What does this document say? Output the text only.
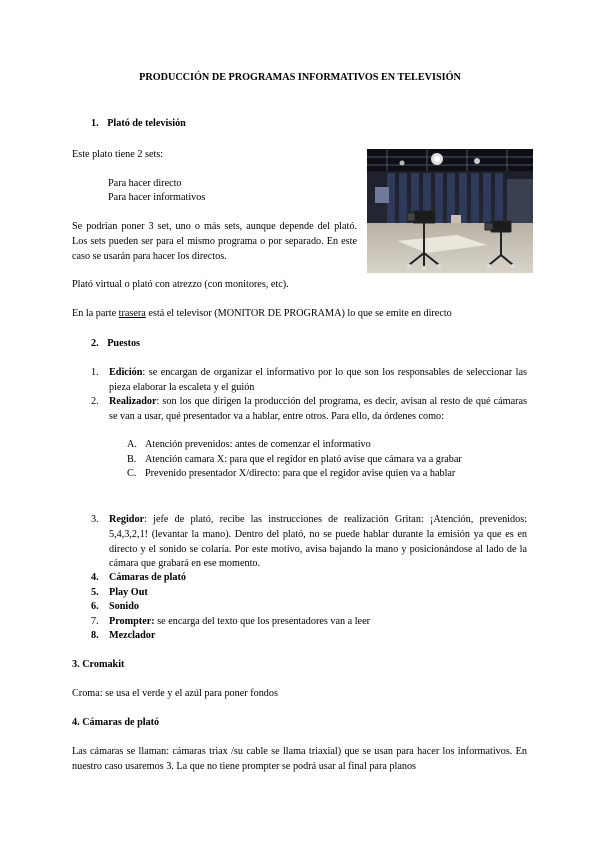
PRODUCCIÓN DE PROGRAMAS INFORMATIVOS EN TELEVISIÓN
1. Plató de televisión
Este plato tiene 2 sets:
Para hacer directo
Para hacer informativos
Se podrían poner 3 set, uno o más sets, aunque depende del plató. Los sets pueden ser para el mismo programa o por separado. En este caso se usarán para hacer los directos.
Plató virtual o plató con atrezzo (con monitores, etc).
En la parte trasera está el televisor (MONITOR DE PROGRAMA) lo que se emite en directo
2. Puestos
1. Edición: se encargan de organizar el informativo por lo que son los responsables de seleccionar las pieza elaborar la escaleta y el guión
2. Realizador: son los que dirigen la producción del programa, es decir, avisan al resto de qué cámaras se van a usar, qué presentador va a hablar, entre otros. Para ello, da órdenes como:
A. Atención prevenidos: antes de comenzar el informativo
B. Atención camara X: para que el regidor en plató avise que cámara va a grabar
C. Prevenido presentador X/directo: para que el regidor avise quien va a hablar
3. Regidor: jefe de plató, recibe las instrucciones de realización Gritan: ¡Atención, prevenidos: 5,4,3,2,1! (levantar la mano). Dentro del plató, no se puede hablar durante la emisión ya que es en directo y el sonido se colaría. Por este motivo, avisa bajando la mano y posicionándose al lado de la cámara que grabará en ese momento.
4. Cámaras de plató
5. Play Out
6. Sonido
7. Prompter: se encarga del texto que los presentadores van a leer
8. Mezclador
3. Cromakit
Croma: se usa el verde y el azúl para poner fondos
4. Cámaras de plató
Las cámaras se llaman: cámaras triax /su cable se llama triaxial) que se usan para hacer los informativos. En nuestro caso usaremos 3. La que no tiene prompter se podrá usar al final para planos
